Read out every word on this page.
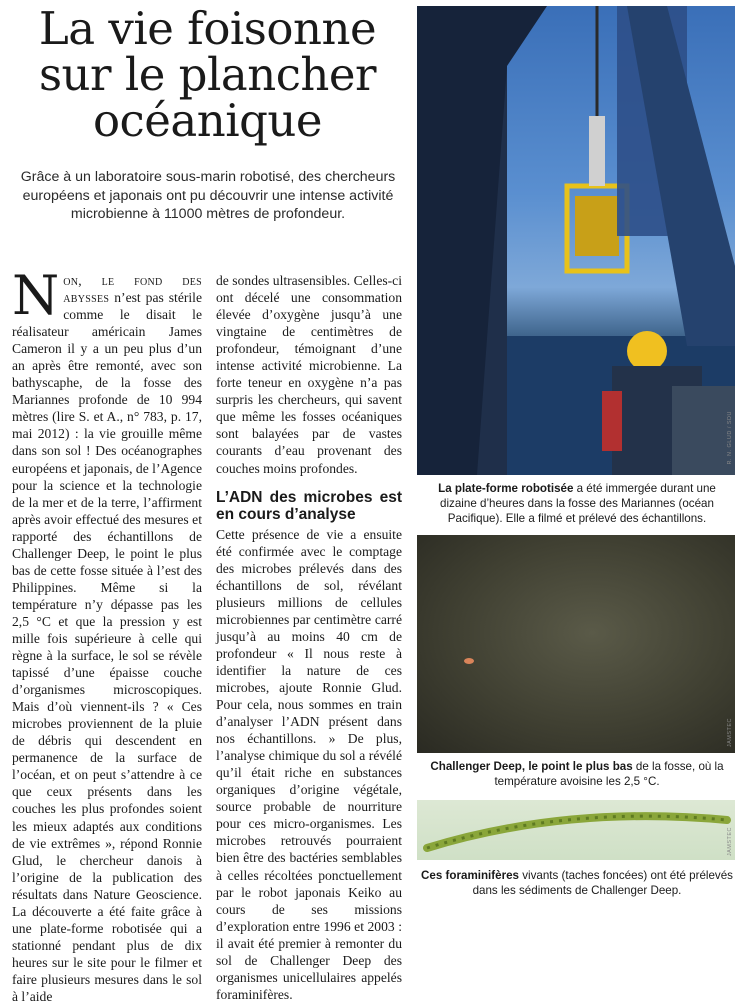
La vie foisonne sur le plancher océanique

Grâce à un laboratoire sous-marin robotisé, des chercheurs européens et japonais ont pu découvrir une intense activité microbienne à 11000 mètres de profondeur.

Non, le fond des abysses n’est pas stérile comme le disait le réalisateur américain James Cameron il y a un peu plus d’un an après être remonté, avec son bathyscaphe, de la fosse des Mariannes profonde de 10 994 mètres (lire S. et A., n° 783, p. 17, mai 2012) : la vie grouille même dans son sol ! Des océanographes européens et japonais, de l’Agence pour la science et la technologie de la mer et de la terre, l’affirment après avoir effectué des mesures et rapporté des échantillons de Challenger Deep, le point le plus bas de cette fosse située à l’est des Philippines. Même si la température n’y dépasse pas les 2,5 °C et que la pression y est mille fois supérieure à celle qui règne à la surface, le sol se révèle tapissé d’une épaisse couche d’organismes microscopiques. Mais d’où viennent-ils ? « Ces microbes proviennent de la pluie de débris qui descendent en permanence de la surface de l’océan, et on peut s’attendre à ce que ceux présents dans les couches les plus profondes soient les mieux adaptés aux conditions de vie extrêmes », répond Ronnie Glud, le chercheur danois à l’origine de la publication des résultats dans Nature Geoscience. La découverte a été faite grâce à une plate-forme robotisée qui a stationné pendant plus de dix heures sur le site pour le filmer et faire plusieurs mesures dans le sol à l’aide

de sondes ultrasensibles. Celles-ci ont décelé une consommation élevée d’oxygène jusqu’à une vingtaine de centimètres de profondeur, témoignant d’une intense activité microbienne. La forte teneur en oxygène n’a pas surpris les chercheurs, qui savent que même les fosses océaniques sont balayées par de vastes courants d’eau provenant des couches moins profondes.

L’ADN des microbes est en cours d’analyse

Cette présence de vie a ensuite été confirmée avec le comptage des microbes prélevés dans des échantillons de sol, révélant plusieurs millions de cellules microbiennes par centimètre carré jusqu’à au moins 40 cm de profondeur « Il nous reste à identifier la nature de ces microbes, ajoute Ronnie Glud. Pour cela, nous sommes en train d’analyser l’ADN présent dans nos échantillons. » De plus, l’analyse chimique du sol a révélé qu’il était riche en substances organiques d’origine végétale, source probable de nourriture pour ces micro-organismes. Les microbes retrouvés pourraient bien être des bactéries semblables à celles récoltées ponctuellement par le robot japonais Keiko au cours de ses missions d’exploration entre 1996 et 2003 : il avait été premier à remonter du sol de Challenger Deep des organismes unicellulaires appelés foraminifères.

R. N. GLUD / SDU

La plate-forme robotisée a été immergée durant une dizaine d’heures dans la fosse des Mariannes (océan Pacifique). Elle a filmé et prélevé des échantillons.

JAMSTEC

Challenger Deep, le point le plus bas de la fosse, où la température avoisine les 2,5 °C.

JAMSTEC

Ces foraminifères vivants (taches foncées) ont été prélevés dans les sédiments de Challenger Deep.
